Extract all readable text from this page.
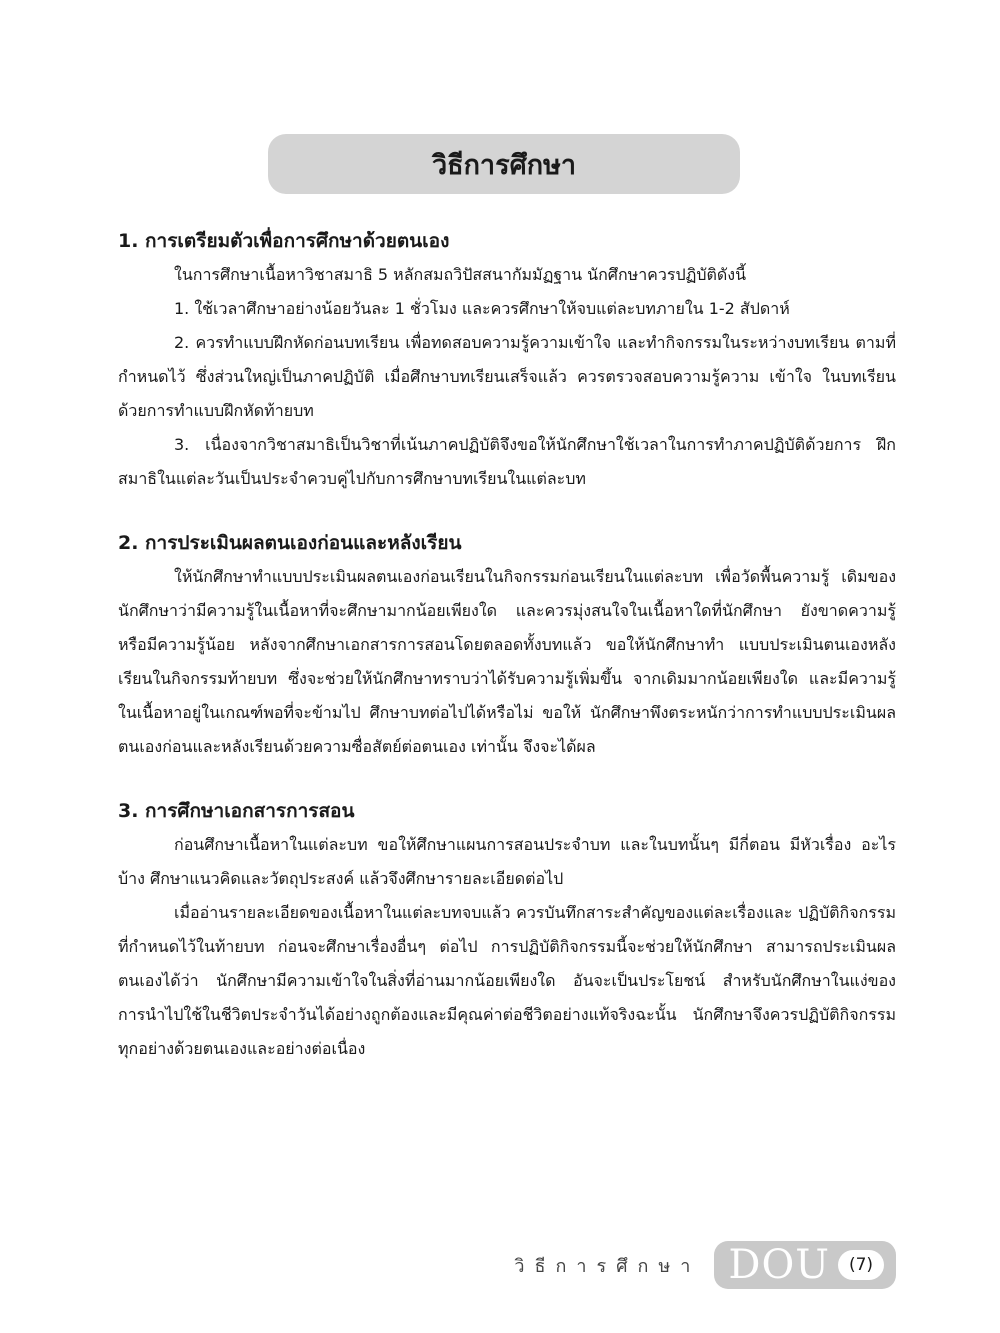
วิธีการศึกษา
1. การเตรียมตัวเพื่อการศึกษาด้วยตนเอง

ในการศึกษาเนื้อหาวิชาสมาธิ 5 หลักสมถวิปัสสนากัมมัฏฐาน นักศึกษาควรปฏิบัติดังนี้

1. ใช้เวลาศึกษาอย่างน้อยวันละ 1 ชั่วโมง และควรศึกษาให้จบแต่ละบทภายใน 1-2 สัปดาห์

2. ควรทำแบบฝึกหัดก่อนบทเรียน เพื่อทดสอบความรู้ความเข้าใจ และทำกิจกรรมในระหว่างบทเรียน ตามที่กำหนดไว้ ซึ่งส่วนใหญ่เป็นภาคปฏิบัติ เมื่อศึกษาบทเรียนเสร็จแล้ว ควรตรวจสอบความรู้ความ เข้าใจ ในบทเรียน ด้วยการทำแบบฝึกหัดท้ายบท

3. เนื่องจากวิชาสมาธิเป็นวิชาที่เน้นภาคปฏิบัติจึงขอให้นักศึกษาใช้เวลาในการทำภาคปฏิบัติด้วยการ ฝึกสมาธิในแต่ละวันเป็นประจำควบคู่ไปกับการศึกษาบทเรียนในแต่ละบท

2. การประเมินผลตนเองก่อนและหลังเรียน

ให้นักศึกษาทำแบบประเมินผลตนเองก่อนเรียนในกิจกรรมก่อนเรียนในแต่ละบท เพื่อวัดพื้นความรู้ เดิมของนักศึกษาว่ามีความรู้ในเนื้อหาที่จะศึกษามากน้อยเพียงใด และควรมุ่งสนใจในเนื้อหาใดที่นักศึกษา ยังขาดความรู้หรือมีความรู้น้อย หลังจากศึกษาเอกสารการสอนโดยตลอดทั้งบทแล้ว ขอให้นักศึกษาทำ แบบประเมินตนเองหลังเรียนในกิจกรรมท้ายบท ซึ่งจะช่วยให้นักศึกษาทราบว่าได้รับความรู้เพิ่มขึ้น จากเดิมมากน้อยเพียงใด และมีความรู้ในเนื้อหาอยู่ในเกณฑ์พอที่จะข้ามไป ศึกษาบทต่อไปได้หรือไม่ ขอให้ นักศึกษาพึงตระหนักว่าการทำแบบประเมินผลตนเองก่อนและหลังเรียนด้วยความซื่อสัตย์ต่อตนเอง เท่านั้น จึงจะได้ผล

3. การศึกษาเอกสารการสอน

ก่อนศึกษาเนื้อหาในแต่ละบท ขอให้ศึกษาแผนการสอนประจำบท และในบทนั้นๆ มีกี่ตอน มีหัวเรื่อง อะไรบ้าง ศึกษาแนวคิดและวัตถุประสงค์ แล้วจึงศึกษารายละเอียดต่อไป

เมื่ออ่านรายละเอียดของเนื้อหาในแต่ละบทจบแล้ว ควรบันทึกสาระสำคัญของแต่ละเรื่องและ ปฏิบัติกิจกรรมที่กำหนดไว้ในท้ายบท ก่อนจะศึกษาเรื่องอื่นๆ ต่อไป การปฏิบัติกิจกรรมนี้จะช่วยให้นักศึกษา สามารถประเมินผลตนเองได้ว่า นักศึกษามีความเข้าใจในสิ่งที่อ่านมากน้อยเพียงใด อันจะเป็นประโยชน์ สำหรับนักศึกษาในแง่ของการนำไปใช้ในชีวิตประจำวันได้อย่างถูกต้องและมีคุณค่าต่อชีวิตอย่างแท้จริงฉะนั้น นักศึกษาจึงควรปฏิบัติกิจกรรมทุกอย่างด้วยตนเองและอย่างต่อเนื่อง

วิธีการศึกษา DOU	(7)
